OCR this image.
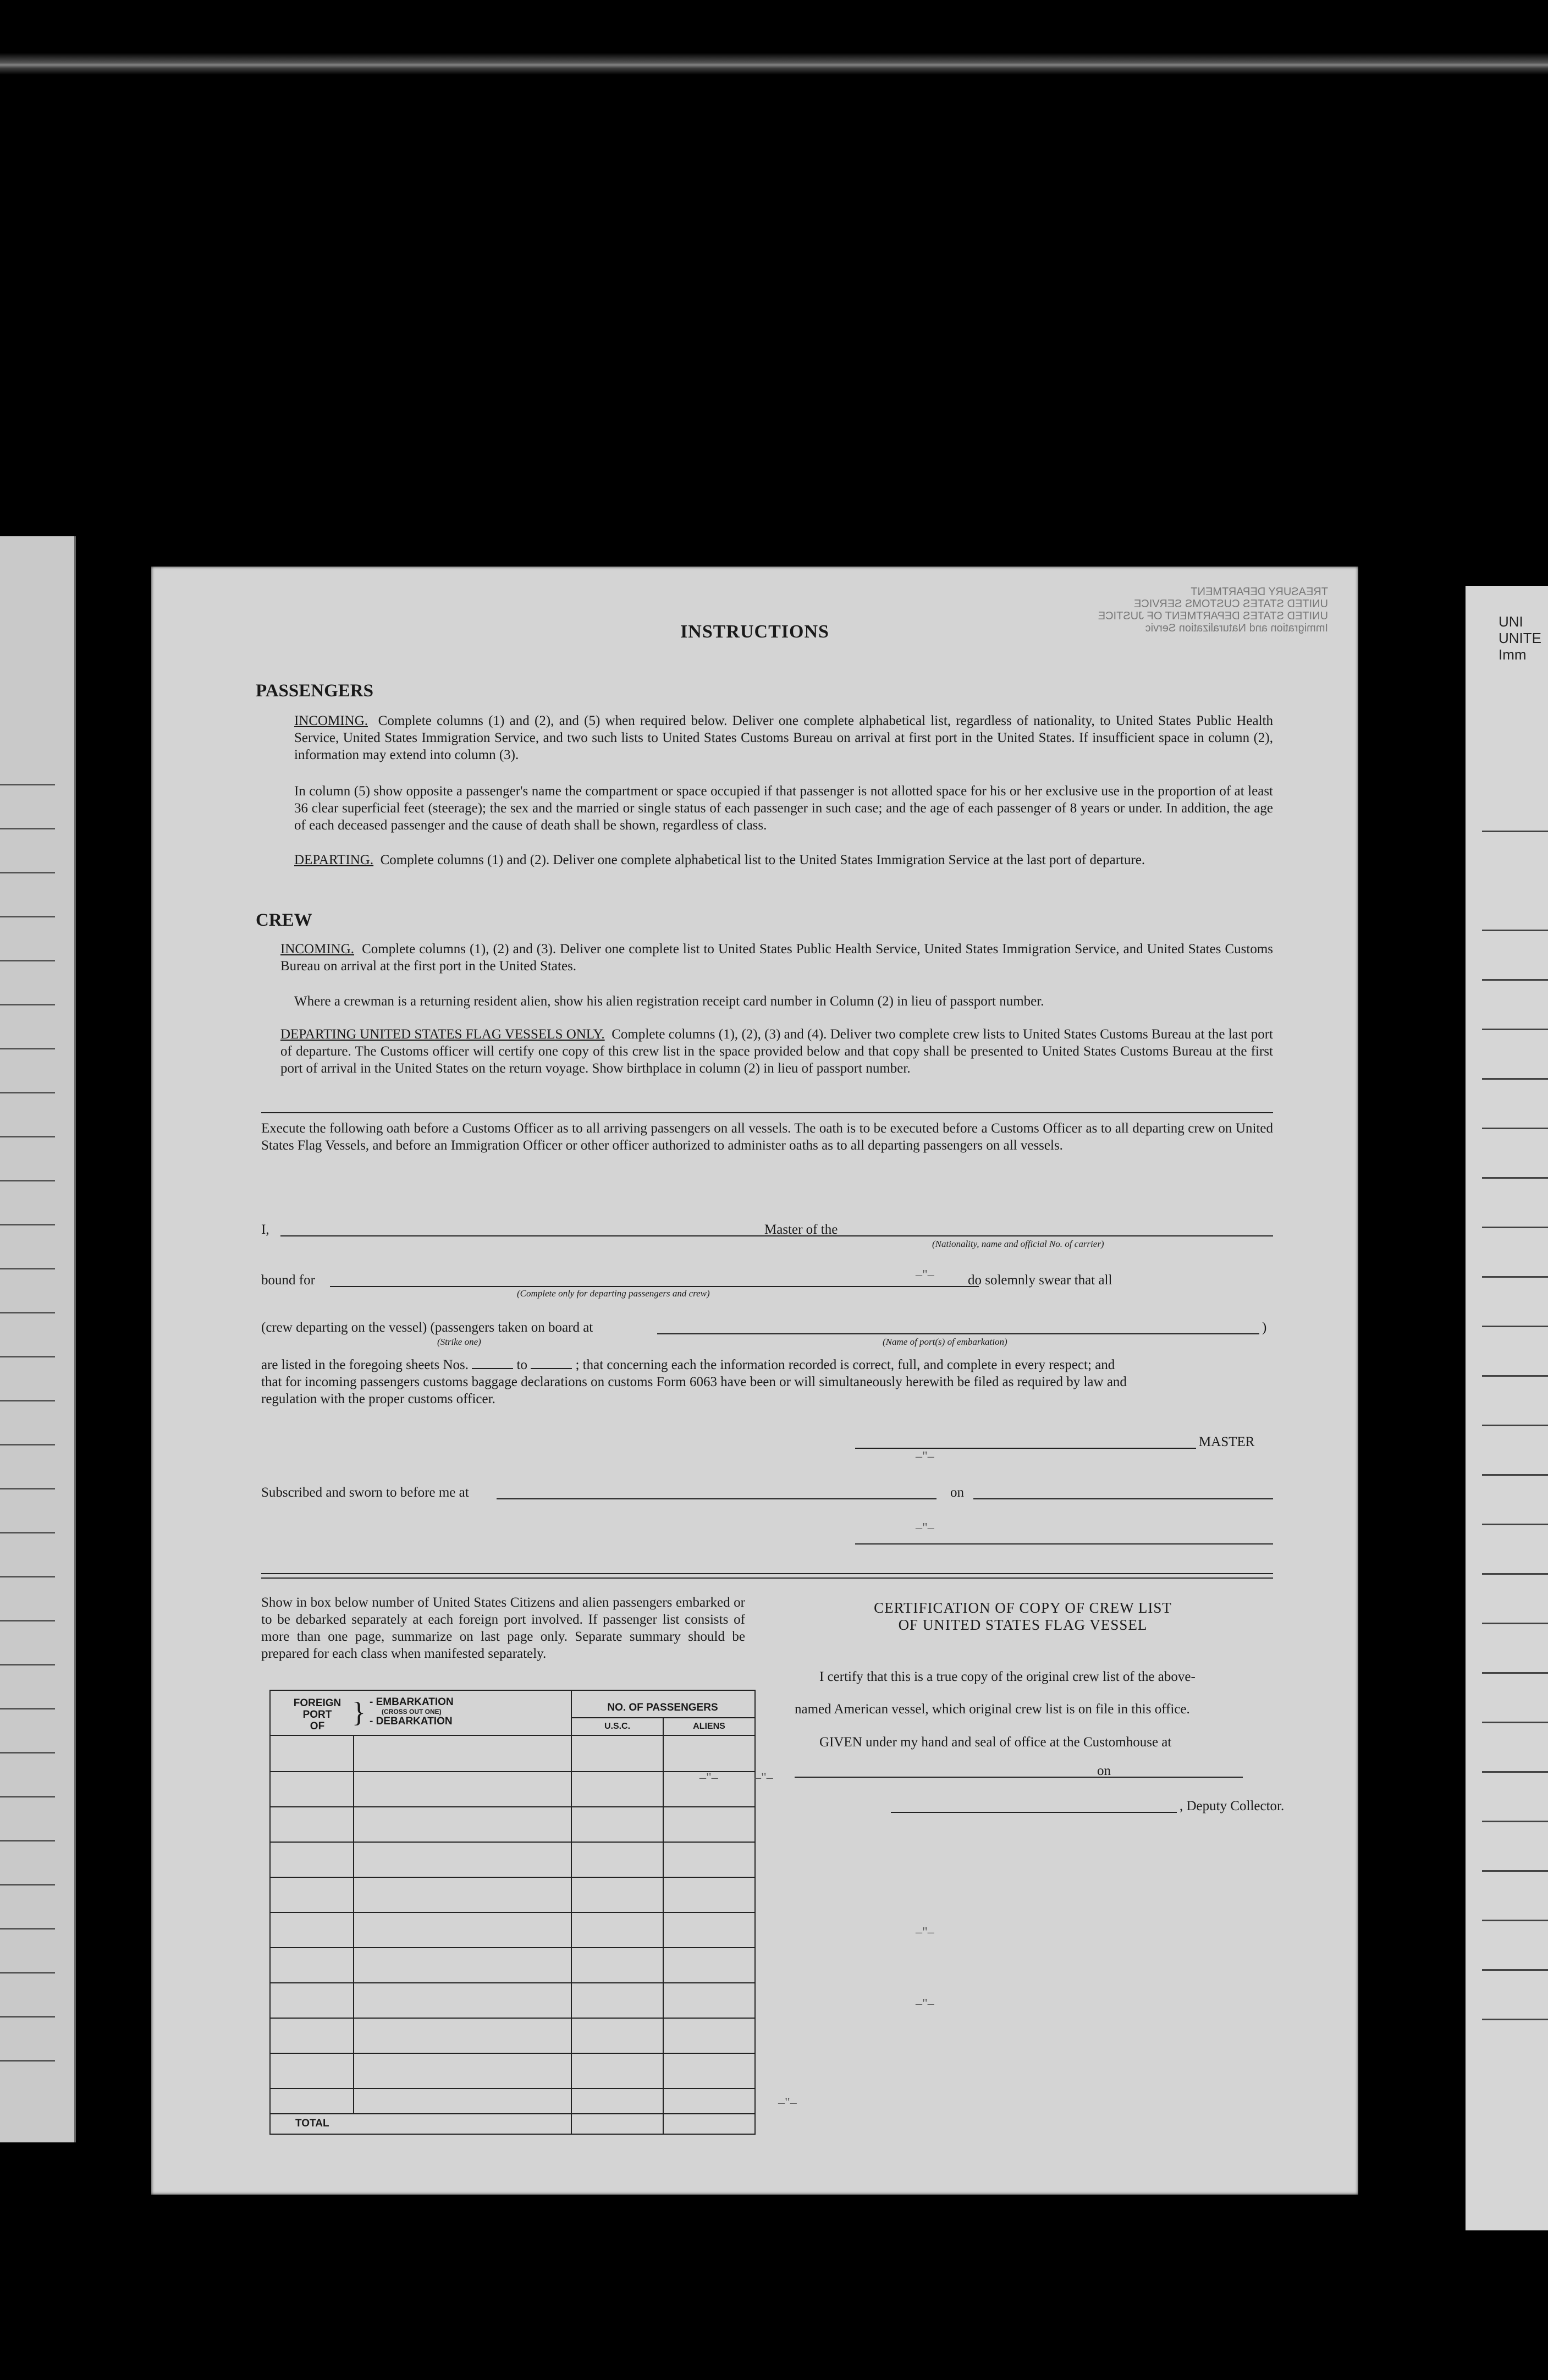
UNI
UNITE
Imm
TREASURY DEPARTMENT
UNITED STATES CUSTOMS SERVICE
UNITED STATES DEPARTMENT OF JUSTICE
Immigration and Naturalization Servic
INSTRUCTIONS
PASSENGERS
INCOMING. Complete columns (1) and (2), and (5) when required below. Deliver one complete alphabetical list, regardless of nationality, to United States Public Health Service, United States Immigration Service, and two such lists to United States Customs Bureau on arrival at first port in the United States. If insufficient space in column (2), information may extend into column (3).
In column (5) show opposite a passenger's name the compartment or space occupied if that passenger is not allotted space for his or her exclusive use in the proportion of at least 36 clear superficial feet (steerage); the sex and the married or single status of each passenger in such case; and the age of each passenger of 8 years or under. In addition, the age of each deceased passenger and the cause of death shall be shown, regardless of class.
DEPARTING. Complete columns (1) and (2). Deliver one complete alphabetical list to the United States Immigration Service at the last port of departure.
CREW
INCOMING. Complete columns (1), (2) and (3). Deliver one complete list to United States Public Health Service, United States Immigration Service, and United States Customs Bureau on arrival at the first port in the United States.
Where a crewman is a returning resident alien, show his alien registration receipt card number in Column (2) in lieu of passport number.
DEPARTING UNITED STATES FLAG VESSELS ONLY. Complete columns (1), (2), (3) and (4). Deliver two complete crew lists to United States Customs Bureau at the last port of departure. The Customs officer will certify one copy of this crew list in the space provided below and that copy shall be presented to United States Customs Bureau at the first port of arrival in the United States on the return voyage. Show birthplace in column (2) in lieu of passport number.
Execute the following oath before a Customs Officer as to all arriving passengers on all vessels. The oath is to be executed before a Customs Officer as to all departing crew on United States Flag Vessels, and before an Immigration Officer or other officer authorized to administer oaths as to all departing passengers on all vessels.
I,	Master of the
(Nationality, name and official No. of carrier)
bound for	do solemnly swear that all
(Complete only for departing passengers and crew)
(crew departing on the vessel) (passengers taken on board at	)
(Strike one)	(Name of port(s) of embarkation)
are listed in the foregoing sheets Nos.	to	; that concerning each the information recorded is correct, full, and complete in every respect; and
that for incoming passengers customs baggage declarations on customs Form 6063 have been or will simultaneously herewith be filed as required by law and
regulation with the proper customs officer.
MASTER
Subscribed and sworn to before me at	on
Show in box below number of United States Citizens and alien passengers embarked or to be debarked separately at each foreign port involved. If passenger list consists of more than one page, summarize on last page only. Separate summary should be prepared for each class when manifested separately.
FOREIGN
PORT
OF } - EMBARKATION
(CROSS OUT ONE)
- DEBARKATION
NO. OF PASSENGERS
U.S.C.	ALIENS
TOTAL
–"–	–"–
CERTIFICATION OF COPY OF CREW LIST
OF UNITED STATES FLAG VESSEL
I certify that this is a true copy of the original crew list of the above-
named American vessel, which original crew list is on file in this office.
GIVEN under my hand and seal of office at the Customhouse at
on
, Deputy Collector.
–"–
–"–
–"–
–"–
–"–
–"–
